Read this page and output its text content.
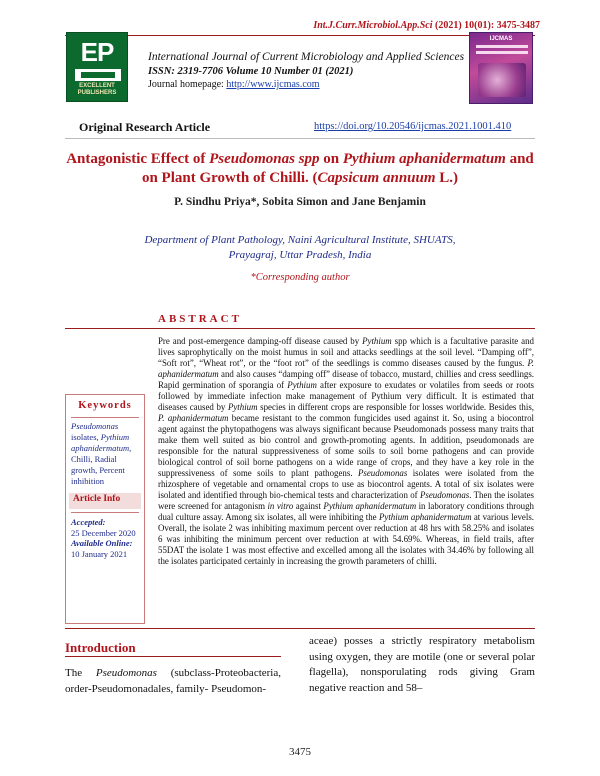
Int.J.Curr.Microbiol.App.Sci (2021) 10(01): 3475-3487
EP
EXCELLENT PUBLISHERS
International Journal of Current Microbiology and Applied Sciences
ISSN: 2319-7706 Volume 10 Number 01 (2021)
Journal homepage: http://www.ijcmas.com
IJCMAS
Original Research Article	https://doi.org/10.20546/ijcmas.2021.1001.410
Antagonistic Effect of Pseudomonas spp on Pythium aphanidermatum and on Plant Growth of Chilli. (Capsicum annuum L.)
P. Sindhu Priya*, Sobita Simon and Jane Benjamin
Department of Plant Pathology, Naini Agricultural Institute, SHUATS,
Prayagraj, Uttar Pradesh, India
*Corresponding author
ABSTRACT
Keywords
Pseudomonas isolates, Pythium aphanidermatum, Chilli, Radial growth, Percent inhibition
Article Info
Accepted:
25 December 2020
Available Online:
10 January 2021
Pre and post-emergence damping-off disease caused by Pythium spp which is a facultative parasite and lives saprophytically on the moist humus in soil and attacks seedlings at the soil level. “Damping off”, “Soft rot”, “Wheat rot”, or the “foot rot” of the seedlings is commo diseases caused by the fungus. P. aphanidermatum and also causes “damping off” disease of tobacco, mustard, chillies and cress seedlings. Rapid germination of sporangia of Pythium after exposure to exudates or volatiles from seeds or roots followed by immediate infection make management of Pythium very difficult. It is estimated that diseases caused by Pythium species in different crops are responsible for losses worldwide. Besides this, P. aphanidermatum became resistant to the common fungicides used against it. So, using a biocontrol agent against the phytopathogens was always significant because Pseudomonads possess many traits that make them well suited as bio control and growth-promoting agents. In addition, pseudomonads are responsible for the natural suppressiveness of some soils to soil borne pathogens and can provide biological control of soil borne pathogens on a wide range of crops, and they have a key role in the suppressiveness of some soils to plant pathogens. Pseudomonas isolates were isolated from the rhizosphere of vegetable and ornamental crops to use as biocontrol agents. A total of six isolates were isolated and identified through bio-chemical tests and characterization of Pseudomonas. Then the isolates were screened for antagonism in vitro against Pythium aphanidermatum in laboratory conditions through dual culture assay. Among six isolates, all were inhibiting the Pythium aphanidermatum at various levels. Overall, the isolate 2 was inhibiting maximum percent over reduction at 48 hrs with 58.25% and isolates 6 was inhibiting the minimum percent over reduction at with 54.69%. Whereas, in field trails, after 55DAT the isolate 1 was most effective and excelled among all the isolates with 34.46% by following all the isolates participated certainly in increasing the growth parameters of chilli.
Introduction
The Pseudomonas (subclass-Proteobacteria, order-Pseudomonadales, family- Pseudomon-
aceae) posses a strictly respiratory metabolism using oxygen, they are motile (one or several polar flagella), nonsporulating rods giving Gram negative reaction and 58–
3475
